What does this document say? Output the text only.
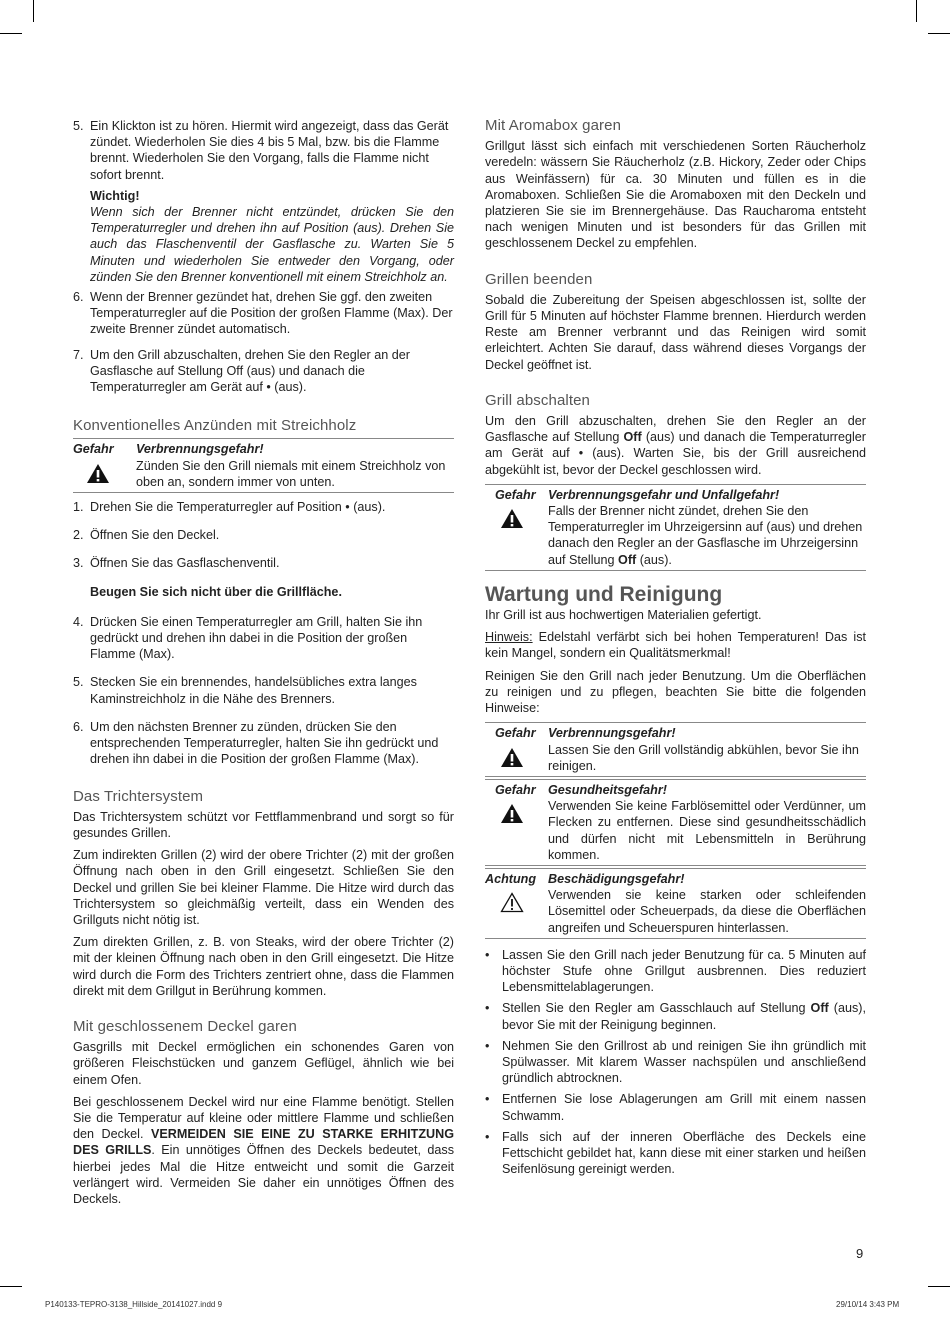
5. Ein Klickton ist zu hören. Hiermit wird angezeigt, dass das Gerät zündet. Wiederholen Sie dies 4 bis 5 Mal, bzw. bis die Flamme brennt. Wiederholen Sie den Vorgang, falls die Flamme nicht sofort brennt.
Wichtig!
Wenn sich der Brenner nicht entzündet, drücken Sie den Temperaturregler und drehen ihn auf Position (aus). Drehen Sie auch das Flaschenventil der Gasflasche zu. Warten Sie 5 Minuten und wiederholen Sie entweder den Vorgang, oder zünden Sie den Brenner konventionell mit einem Streichholz an.
6. Wenn der Brenner gezündet hat, drehen Sie ggf. den zweiten Temperaturregler auf die Position der großen Flamme (Max). Der zweite Brenner zündet automatisch.
7. Um den Grill abzuschalten, drehen Sie den Regler an der Gasflasche auf Stellung Off (aus) und danach die Temperaturregler am Gerät auf • (aus).
Konventionelles Anzünden mit Streichholz
Gefahr	Verbrennungsgefahr!
Zünden Sie den Grill niemals mit einem Streichholz von oben an, sondern immer von unten.
1. Drehen Sie die Temperaturregler auf Position • (aus).
2. Öffnen Sie den Deckel.
3. Öffnen Sie das Gasflaschenventil.
Beugen Sie sich nicht über die Grillfläche.
4. Drücken Sie einen Temperaturregler am Grill, halten Sie ihn gedrückt und drehen ihn dabei in die Position der großen Flamme (Max).
5. Stecken Sie ein brennendes, handelsübliches extra langes Kaminstreichholz in die Nähe des Brenners.
6. Um den nächsten Brenner zu zünden, drücken Sie den entsprechenden Temperaturregler, halten Sie ihn gedrückt und drehen ihn dabei in die Position der großen Flamme (Max).
Das Trichtersystem

Das Trichtersystem schützt vor Fettflammenbrand und sorgt so für gesundes Grillen.

Zum indirekten Grillen (2) wird der obere Trichter (2) mit der großen Öffnung nach oben in den Grill eingesetzt. Schließen Sie den Deckel und grillen Sie bei kleiner Flamme. Die Hitze wird durch das Trichtersystem so gleichmäßig verteilt, dass ein Wenden des Grillguts nicht nötig ist.

Zum direkten Grillen, z. B. von Steaks, wird der obere Trichter (2) mit der kleinen Öffnung nach oben in den Grill eingesetzt. Die Hitze wird durch die Form des Trichters zentriert ohne, dass die Flammen direkt mit dem Grillgut in Berührung kommen.

Mit geschlossenem Deckel garen

Gasgrills mit Deckel ermöglichen ein schonendes Garen von größeren Fleischstücken und ganzem Geflügel, ähnlich wie bei einem Ofen.

Bei geschlossenem Deckel wird nur eine Flamme benötigt. Stellen Sie die Temperatur auf kleine oder mittlere Flamme und schließen den Deckel. VERMEIDEN SIE EINE ZU STARKE ERHITZUNG DES GRILLS. Ein unnötiges Öffnen des Deckels bedeutet, dass hierbei jedes Mal die Hitze entweicht und somit die Garzeit verlängert wird. Vermeiden Sie daher ein unnötiges Öffnen des Deckels.

Mit Aromabox garen

Grillgut lässt sich einfach mit verschiedenen Sorten Räucherholz veredeln: wässern Sie Räucherholz (z.B. Hickory, Zeder oder Chips aus Weinfässern) für ca. 30 Minuten und füllen es in die Aromaboxen. Schließen Sie die Aromaboxen mit den Deckeln und platzieren Sie sie im Brennergehäuse. Das Raucharoma entsteht nach wenigen Minuten und ist besonders für das Grillen mit geschlossenem Deckel zu empfehlen.

Grillen beenden

Sobald die Zubereitung der Speisen abgeschlossen ist, sollte der Grill für 5 Minuten auf höchster Flamme brennen. Hierdurch werden Reste am Brenner verbrannt und das Reinigen wird somit erleichtert. Achten Sie darauf, dass während dieses Vorgangs der Deckel geöffnet ist.

Grill abschalten

Um den Grill abzuschalten, drehen Sie den Regler an der Gasflasche auf Stellung Off (aus) und danach die Temperaturregler am Gerät auf • (aus). Warten Sie, bis der Grill ausreichend abgekühlt ist, bevor der Deckel geschlossen wird.

Gefahr Verbrennungsgefahr und Unfallgefahr!
Falls der Brenner nicht zündet, drehen Sie den Temperaturregler im Uhrzeigersinn auf (aus) und drehen danach den Regler an der Gasflasche im Uhrzeigersinn auf Stellung Off (aus).
Wartung und Reinigung

Ihr Grill ist aus hochwertigen Materialien gefertigt.

Hinweis: Edelstahl verfärbt sich bei hohen Temperaturen! Das ist kein Mangel, sondern ein Qualitätsmerkmal!

Reinigen Sie den Grill nach jeder Benutzung. Um die Oberflächen zu reinigen und zu pflegen, beachten Sie bitte die folgenden Hinweise:

Gefahr Verbrennungsgefahr!
Lassen Sie den Grill vollständig abkühlen, bevor Sie ihn reinigen.
Gefahr Gesundheitsgefahr!
Verwenden Sie keine Farblösemittel oder Verdünner, um Flecken zu entfernen. Diese sind gesundheitsschädlich und dürfen nicht mit Lebensmitteln in Berührung kommen.
Achtung Beschädigungsgefahr!
Verwenden sie keine starken oder schleifenden Lösemittel oder Scheuerpads, da diese die Oberflächen angreifen und Scheuerspuren hinterlassen.
• Lassen Sie den Grill nach jeder Benutzung für ca. 5 Minuten auf höchster Stufe ohne Grillgut ausbrennen. Dies reduziert Lebensmittelablagerungen.
• Stellen Sie den Regler am Gasschlauch auf Stellung Off (aus), bevor Sie mit der Reinigung beginnen.
• Nehmen Sie den Grillrost ab und reinigen Sie ihn gründlich mit Spülwasser. Mit klarem Wasser nachspülen und anschließend gründlich abtrocknen.
• Entfernen Sie lose Ablagerungen am Grill mit einem nassen Schwamm.
• Falls sich auf der inneren Oberfläche des Deckels eine Fettschicht gebildet hat, kann diese mit einer starken und heißen Seifenlösung gereinigt werden.
9
P140133-TEPRO-3138_Hillside_20141027.indd 9	29/10/14 3:43 PM
